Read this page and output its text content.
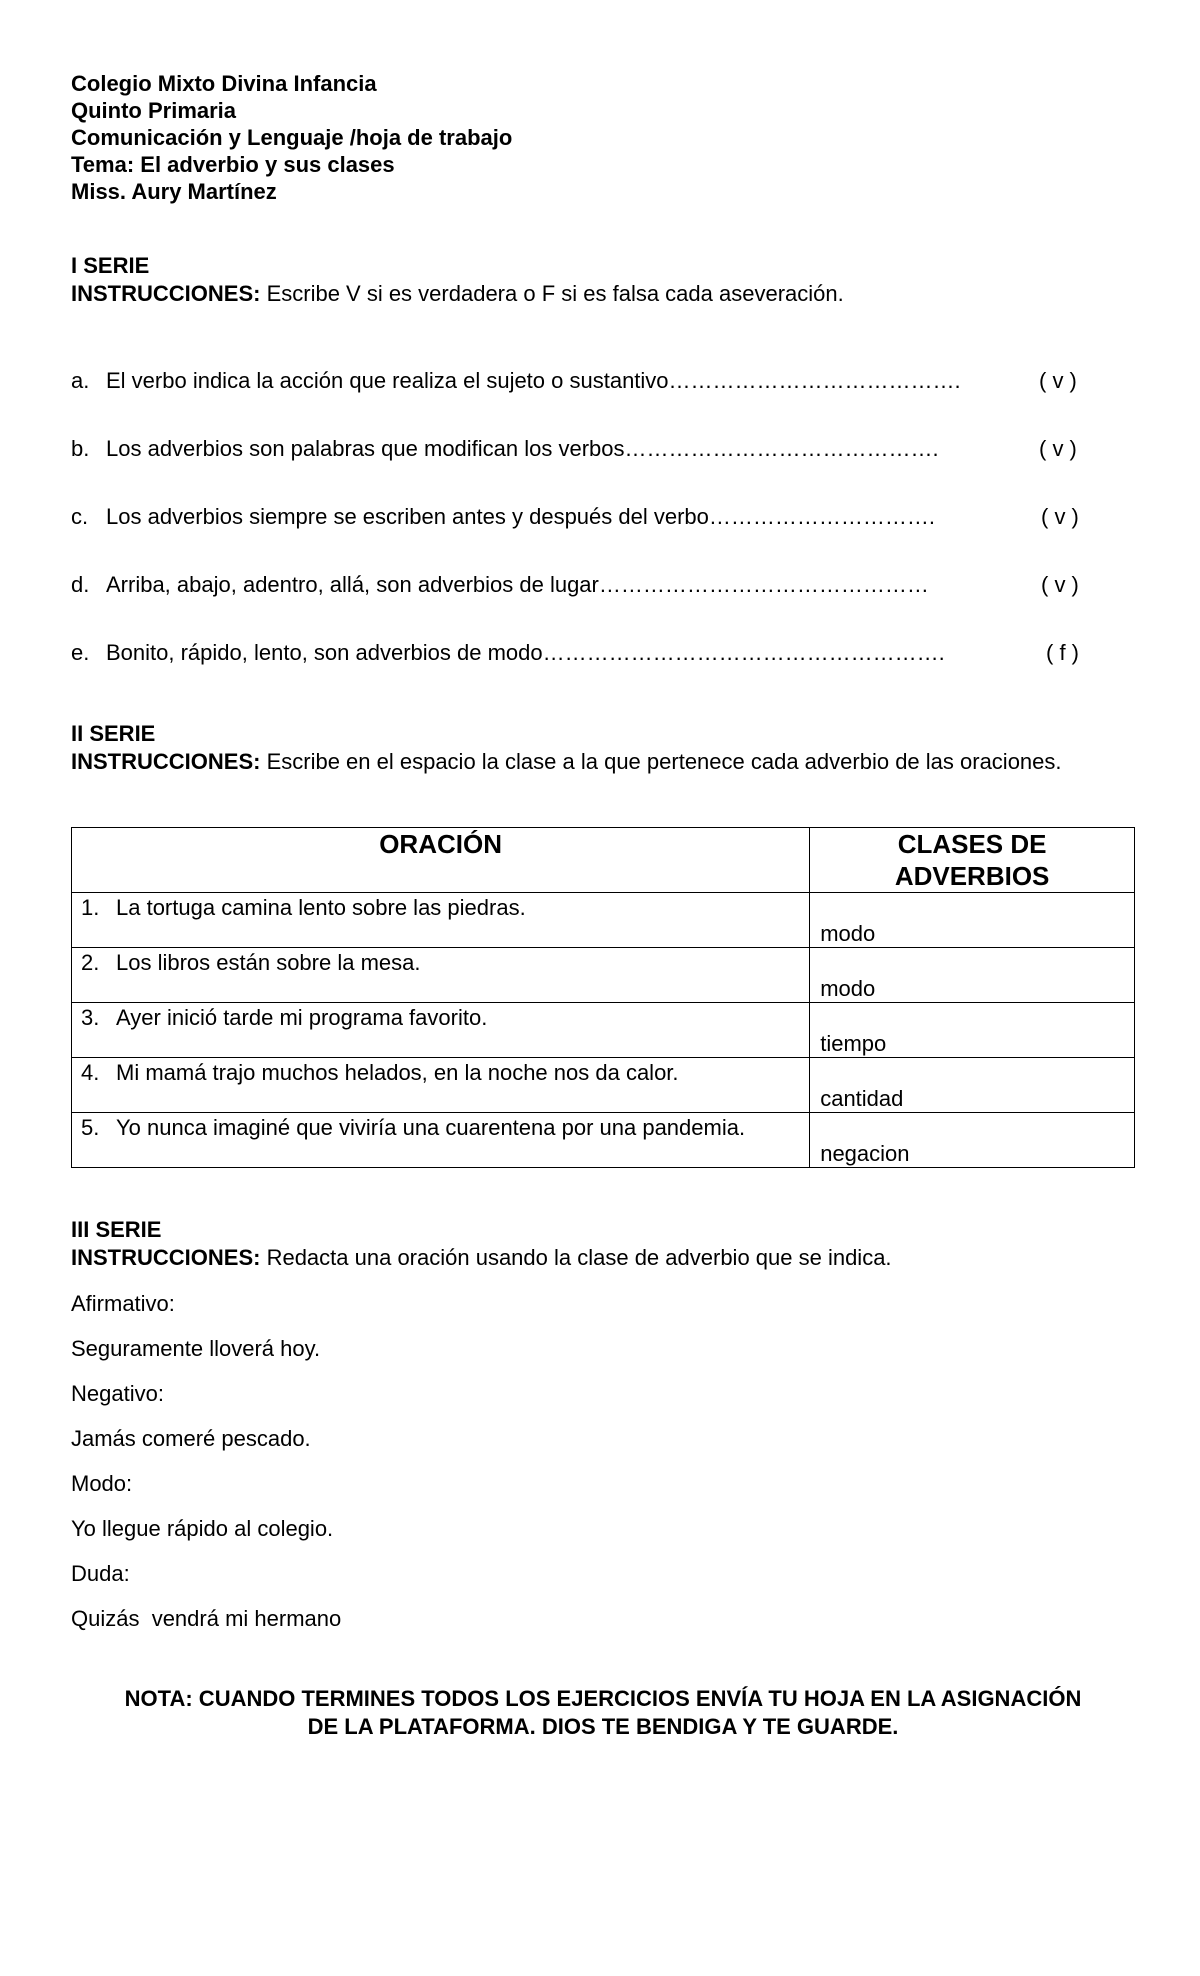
Colegio Mixto Divina Infancia

Quinto Primaria

Comunicación y Lenguaje /hoja de trabajo

Tema: El adverbio y sus clases

Miss. Aury Martínez

I SERIE

INSTRUCCIONES: Escribe V si es verdadera o F si es falsa cada aseveración.

a. El verbo indica la acción que realiza el sujeto o sustantivo………………………………….	( v )
b. Los adverbios son palabras que modifican los verbos…………………………………….	( v )
c. Los adverbios siempre se escriben antes y después del verbo………………………….	( v )
d. Arriba, abajo, adentro, allá, son adverbios de lugar………………………………………	( v )
e. Bonito, rápido, lento, son adverbios de modo……………………………………………….	( f )

II SERIE

INSTRUCCIONES: Escribe en el espacio la clase a la que pertenece cada adverbio de las oraciones.

ORACIÓN	CLASES DE
ADVERBIOS

1. La tortuga camina lento sobre las piedras.	modo

2. Los libros están sobre la mesa.	modo

3. Ayer inició tarde mi programa favorito.	tiempo

4. Mi mamá trajo muchos helados, en la noche nos da calor.	cantidad

5. Yo nunca imaginé que viviría una cuarentena por una pandemia.	negacion

III SERIE

INSTRUCCIONES: Redacta una oración usando la clase de adverbio que se indica.

Afirmativo:
Seguramente lloverá hoy.
Negativo:
Jamás comeré pescado.
Modo:
Yo llegue rápido al colegio.
Duda:
Quizás  vendrá mi hermano
NOTA: CUANDO TERMINES TODOS LOS EJERCICIOS ENVÍA TU HOJA EN LA ASIGNACIÓN
DE LA PLATAFORMA. DIOS TE BENDIGA Y TE GUARDE.
